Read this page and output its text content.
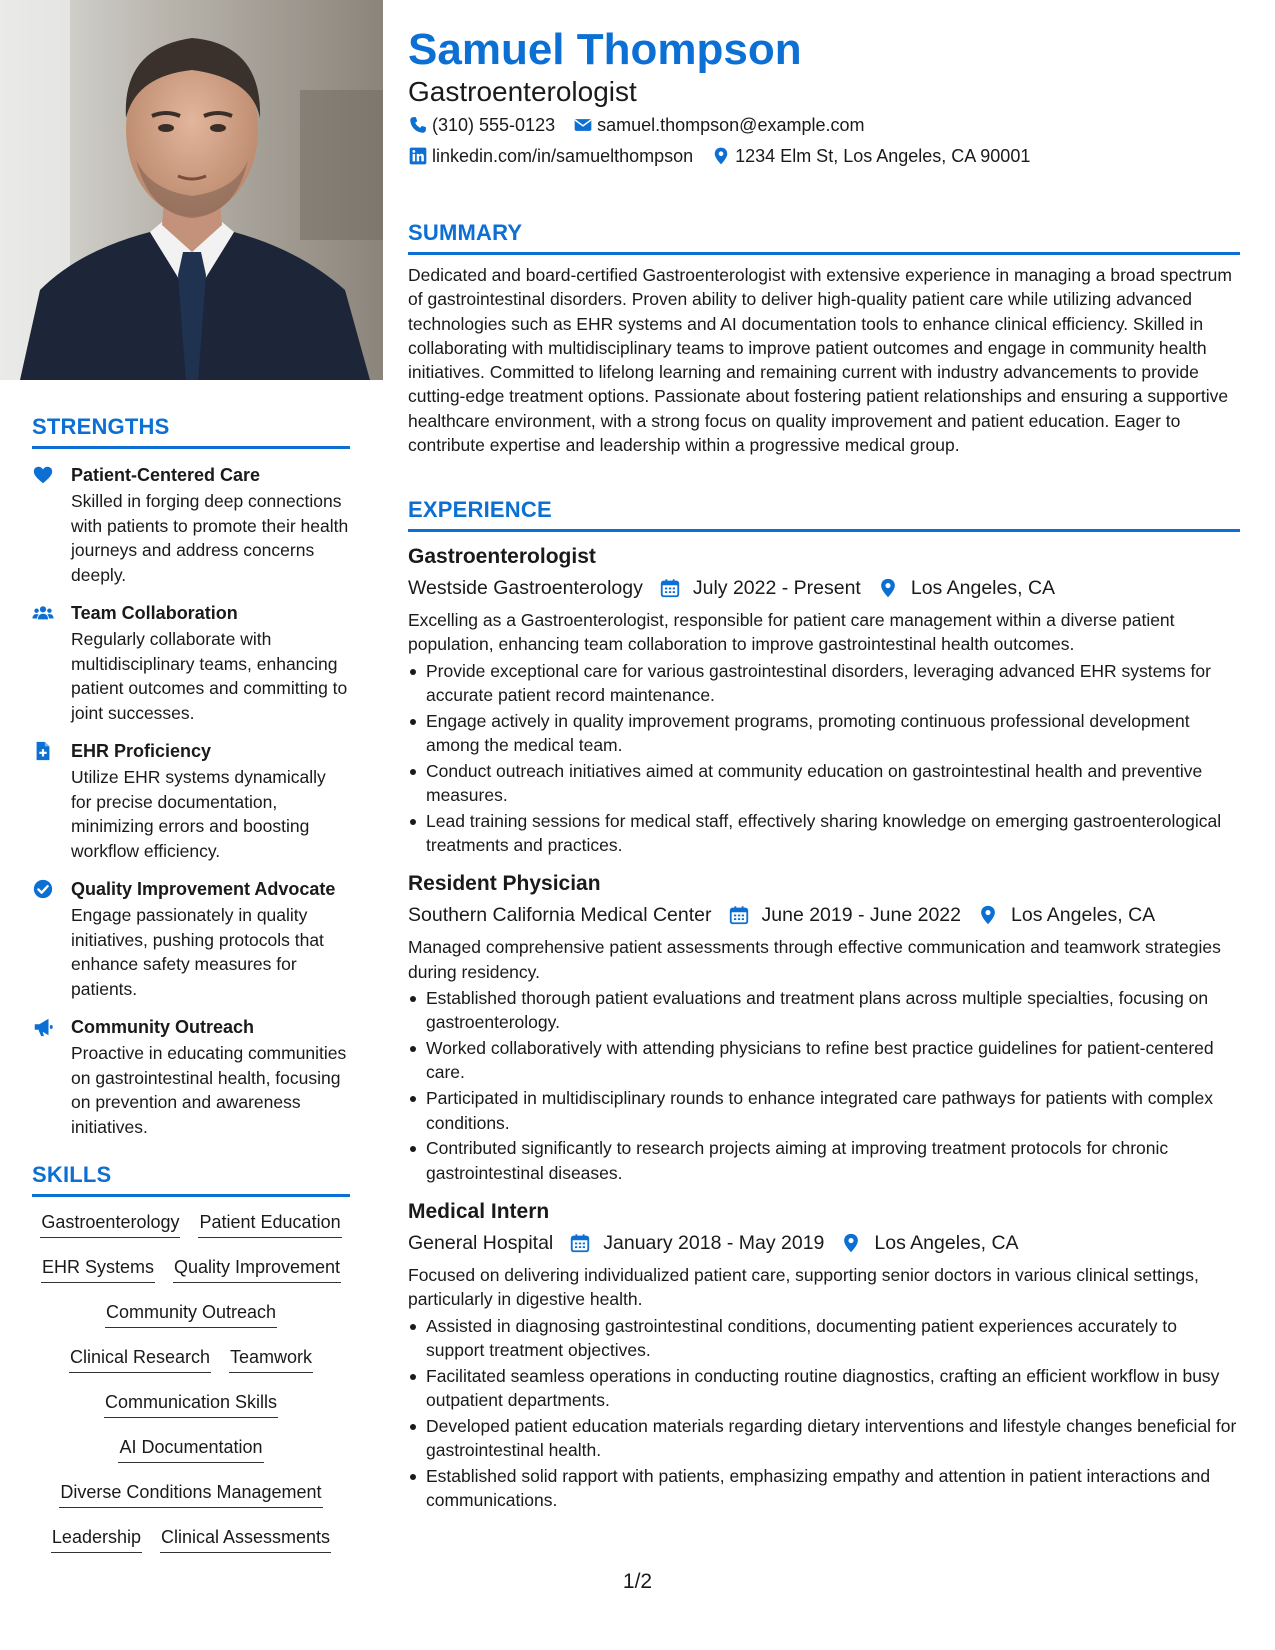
STRENGTHS
Patient-Centered Care
Skilled in forging deep connections with patients to promote their health journeys and address concerns deeply.
Team Collaboration
Regularly collaborate with multidisciplinary teams, enhancing patient outcomes and committing to joint successes.
EHR Proficiency
Utilize EHR systems dynamically for precise documentation, minimizing errors and boosting workflow efficiency.
Quality Improvement Advocate
Engage passionately in quality initiatives, pushing protocols that enhance safety measures for patients.
Community Outreach
Proactive in educating communities on gastrointestinal health, focusing on prevention and awareness initiatives.
SKILLS
Gastroenterology Patient Education
EHR Systems Quality Improvement
Community Outreach
Clinical Research Teamwork
Communication Skills
AI Documentation
Diverse Conditions Management
Leadership Clinical Assessments
Samuel Thompson
Gastroenterologist
(310) 555-0123 samuel.thompson@example.com
linkedin.com/in/samuelthompson 1234 Elm St, Los Angeles, CA 90001
SUMMARY
Dedicated and board-certified Gastroenterologist with extensive experience in managing a broad spectrum of gastrointestinal disorders. Proven ability to deliver high-quality patient care while utilizing advanced technologies such as EHR systems and AI documentation tools to enhance clinical efficiency. Skilled in collaborating with multidisciplinary teams to improve patient outcomes and engage in community health initiatives. Committed to lifelong learning and remaining current with industry advancements to provide cutting-edge treatment options. Passionate about fostering patient relationships and ensuring a supportive healthcare environment, with a strong focus on quality improvement and patient education. Eager to contribute expertise and leadership within a progressive medical group.
EXPERIENCE
Gastroenterologist
Westside Gastroenterology	July 2022 - Present	Los Angeles, CA
Excelling as a Gastroenterologist, responsible for patient care management within a diverse patient population, enhancing team collaboration to improve gastrointestinal health outcomes.
Provide exceptional care for various gastrointestinal disorders, leveraging advanced EHR systems for accurate patient record maintenance.
Engage actively in quality improvement programs, promoting continuous professional development among the medical team.
Conduct outreach initiatives aimed at community education on gastrointestinal health and preventive measures.
Lead training sessions for medical staff, effectively sharing knowledge on emerging gastroenterological treatments and practices.
Resident Physician
Southern California Medical Center	June 2019 - June 2022	Los Angeles, CA
Managed comprehensive patient assessments through effective communication and teamwork strategies during residency.
Established thorough patient evaluations and treatment plans across multiple specialties, focusing on gastroenterology.
Worked collaboratively with attending physicians to refine best practice guidelines for patient-centered care.
Participated in multidisciplinary rounds to enhance integrated care pathways for patients with complex conditions.
Contributed significantly to research projects aiming at improving treatment protocols for chronic gastrointestinal diseases.
Medical Intern
General Hospital	January 2018 - May 2019	Los Angeles, CA
Focused on delivering individualized patient care, supporting senior doctors in various clinical settings, particularly in digestive health.
Assisted in diagnosing gastrointestinal conditions, documenting patient experiences accurately to support treatment objectives.
Facilitated seamless operations in conducting routine diagnostics, crafting an efficient workflow in busy outpatient departments.
Developed patient education materials regarding dietary interventions and lifestyle changes beneficial for gastrointestinal health.
Established solid rapport with patients, emphasizing empathy and attention in patient interactions and communications.
1/2
